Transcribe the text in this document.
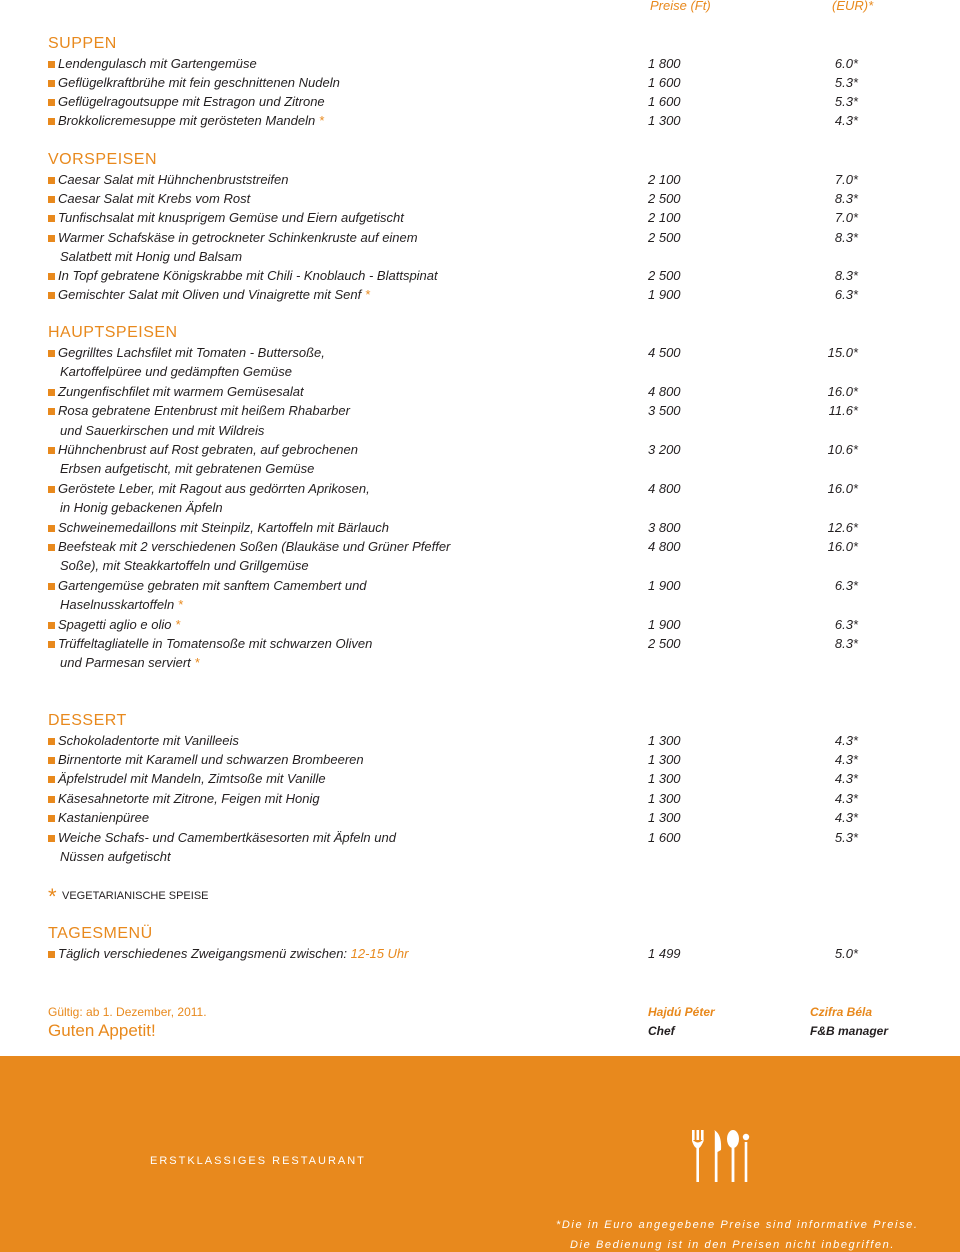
Preise (Ft)	(EUR)*
SUPPEN
Lendengulasch mit Gartengemüse	1 800	6.0*
Geflügelkraftbrühe mit fein geschnittenen Nudeln	1 600	5.3*
Geflügelragoutsuppe mit Estragon und Zitrone	1 600	5.3*
Brokkolicremesuppe mit gerösteten Mandeln *	1 300	4.3*
VORSPEISEN
Caesar Salat mit Hühnchenbruststreifen	2 100	7.0*
Caesar Salat mit Krebs vom Rost	2 500	8.3*
Tunfischsalat mit knusprigem Gemüse und Eiern aufgetischt	2 100	7.0*
Warmer Schafskäse in getrockneter Schinkenkruste auf einem	2 500	8.3*
Salatbett mit Honig und Balsam
In Topf gebratene Königskrabbe mit Chili - Knoblauch - Blattspinat	2 500	8.3*
Gemischter Salat mit Oliven und Vinaigrette mit Senf *	1 900	6.3*
HAUPTSPEISEN
Gegrilltes Lachsfilet mit Tomaten - Buttersoße,	4 500	15.0*
Kartoffelpüree und gedämpften Gemüse
Zungenfischfilet mit warmem Gemüsesalat	4 800	16.0*
Rosa gebratene Entenbrust mit heißem Rhabarber	3 500	11.6*
und Sauerkirschen und mit Wildreis
Hühnchenbrust auf Rost gebraten, auf gebrochenen	3 200	10.6*
Erbsen aufgetischt, mit gebratenen Gemüse
Geröstete Leber, mit Ragout aus gedörrten Aprikosen,	4 800	16.0*
in Honig gebackenen Äpfeln
Schweinemedaillons mit Steinpilz, Kartoffeln mit Bärlauch	3 800	12.6*
Beefsteak mit 2 verschiedenen Soßen (Blaukäse und Grüner Pfeffer	4 800	16.0*
Soße), mit Steakkartoffeln und Grillgemüse
Gartengemüse gebraten mit sanftem Camembert und	1 900	6.3*
Haselnusskartoffeln *
Spagetti aglio e olio *	1 900	6.3*
Trüffeltagliatelle in Tomatensoße mit schwarzen Oliven	2 500	8.3*
und Parmesan serviert *
DESSERT
Schokoladentorte mit Vanilleeis	1 300	4.3*
Birnentorte mit Karamell und schwarzen Brombeeren	1 300	4.3*
Äpfelstrudel mit Mandeln, Zimtsoße mit Vanille	1 300	4.3*
Käsesahnetorte mit Zitrone, Feigen mit Honig	1 300	4.3*
Kastanienpüree	1 300	4.3*
Weiche Schafs- und Camembertkäsesorten mit Äpfeln und	1 600	5.3*
Nüssen aufgetischt
* VEGETARIANISCHE SPEISE
TAGESMENÜ
Täglich verschiedenes Zweigangsmenü zwischen: 12-15 Uhr	1 499	5.0*
Gültig: ab 1. Dezember, 2011.
Guten Appetit!
Hajdú Péter
Chef
Czifra Béla
F&B manager
ERSTKLASSIGES RESTAURANT
*Die in Euro angegebene Preise sind informative Preise.
Die Bedienung ist in den Preisen nicht inbegriffen.
